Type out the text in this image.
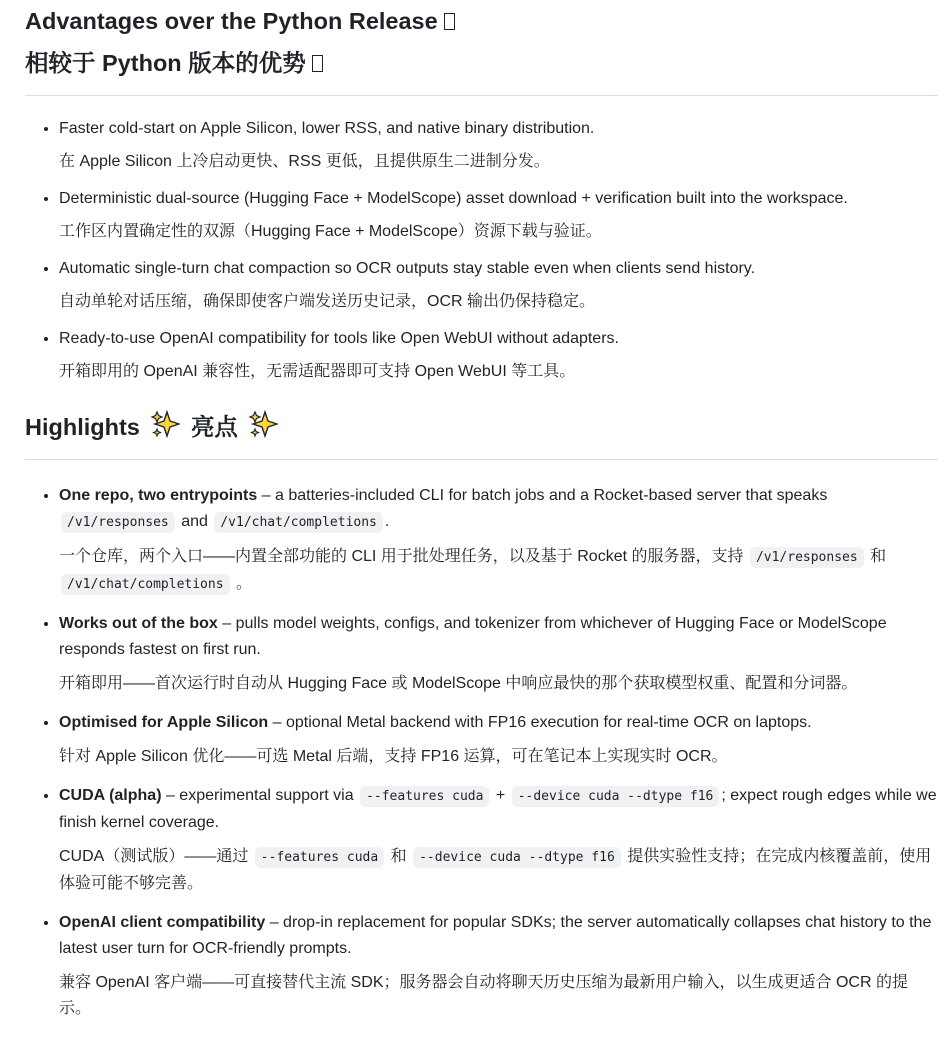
Advantages over the Python Release
相较于 Python 版本的优势

• Faster cold-start on Apple Silicon, lower RSS, and native binary distribution.

在 Apple Silicon 上冷启动更快、RSS 更低，且提供原生二进制分发。

• Deterministic dual-source (Hugging Face + ModelScope) asset download + verification built into the workspace.

工作区内置确定性的双源（Hugging Face + ModelScope）资源下载与验证。

• Automatic single-turn chat compaction so OCR outputs stay stable even when clients send history.

自动单轮对话压缩，确保即使客户端发送历史记录，OCR 输出仍保持稳定。

• Ready-to-use OpenAI compatibility for tools like Open WebUI without adapters.

开箱即用的 OpenAI 兼容性，无需适配器即可支持 Open WebUI 等工具。

Highlights 亮点

• One repo, two entrypoints – a batteries-included CLI for batch jobs and a Rocket-based server that speaks /v1/responses and /v1/chat/completions .

一个仓库，两个入口——内置全部功能的 CLI 用于批处理任务，以及基于 Rocket 的服务器，支持 /v1/responses 和 /v1/chat/completions 。

• Works out of the box – pulls model weights, configs, and tokenizer from whichever of Hugging Face or ModelScope responds fastest on first run.

开箱即用——首次运行时自动从 Hugging Face 或 ModelScope 中响应最快的那个获取模型权重、配置和分词器。

• Optimised for Apple Silicon – optional Metal backend with FP16 execution for real-time OCR on laptops.

针对 Apple Silicon 优化——可选 Metal 后端，支持 FP16 运算，可在笔记本上实现实时 OCR。

• CUDA (alpha) – experimental support via --features cuda + --device cuda --dtype f16 ; expect rough edges while we finish kernel coverage.

CUDA（测试版）——通过 --features cuda 和 --device cuda --dtype f16 提供实验性支持；在完成内核覆盖前，使用体验可能不够完善。

• OpenAI client compatibility – drop-in replacement for popular SDKs; the server automatically collapses chat history to the latest user turn for OCR-friendly prompts.

兼容 OpenAI 客户端——可直接替代主流 SDK；服务器会自动将聊天历史压缩为最新用户输入，以生成更适合 OCR 的提示。
